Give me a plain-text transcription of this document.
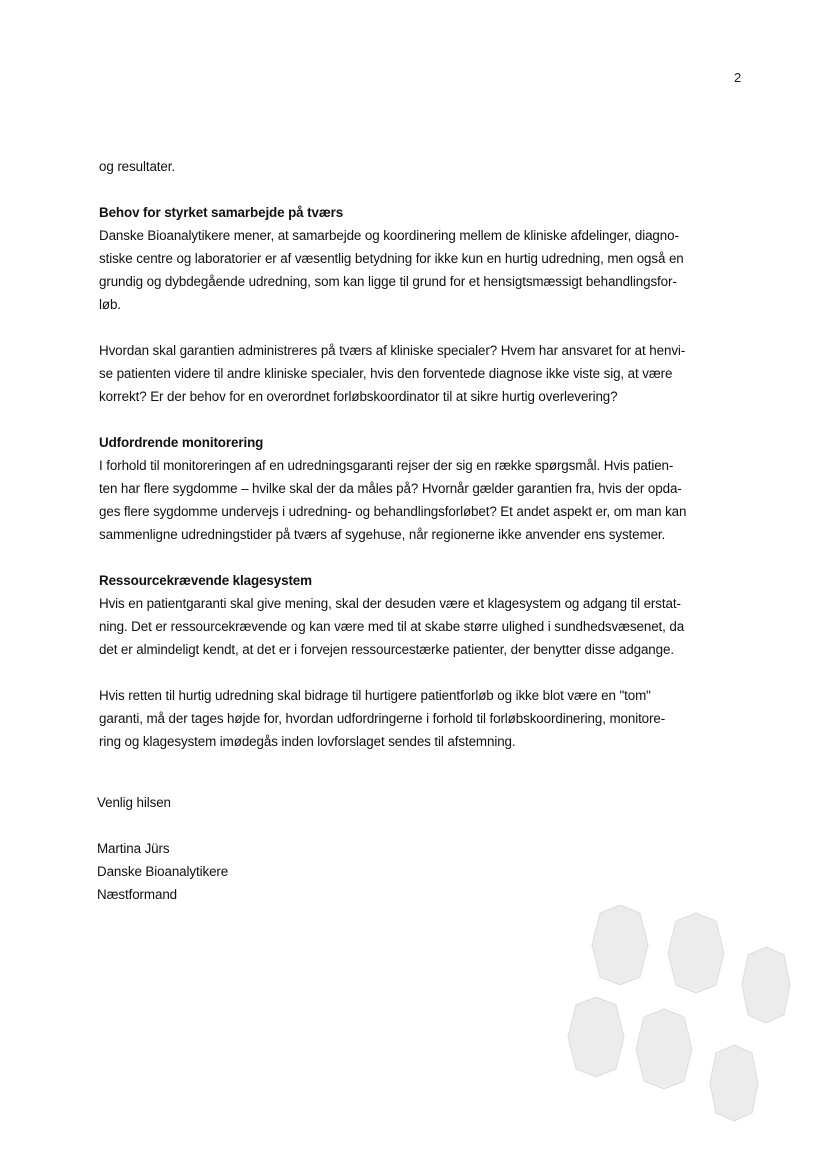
2
og resultater.
Behov for styrket samarbejde på tværs
Danske Bioanalytikere mener, at samarbejde og koordinering mellem de kliniske afdelinger, diagno-
stiske centre og laboratorier er af væsentlig betydning for ikke kun en hurtig udredning, men også en
grundig og dybdegående udredning, som kan ligge til grund for et hensigtsmæssigt behandlingsfor-
løb.
Hvordan skal garantien administreres på tværs af kliniske specialer? Hvem har ansvaret for at henvi-
se patienten videre til andre kliniske specialer, hvis den forventede diagnose ikke viste sig, at være
korrekt? Er der behov for en overordnet forløbskoordinator til at sikre hurtig overlevering?
Udfordrende monitorering
I forhold til monitoreringen af en udredningsgaranti rejser der sig en række spørgsmål. Hvis patien-
ten har flere sygdomme – hvilke skal der da måles på? Hvornår gælder garantien fra, hvis der opda-
ges flere sygdomme undervejs i udredning- og behandlingsforløbet? Et andet aspekt er, om man kan
sammenligne udredningstider på tværs af sygehuse, når regionerne ikke anvender ens systemer.
Ressourcekrævende klagesystem
Hvis en patientgaranti skal give mening, skal der desuden være et klagesystem og adgang til erstat-
ning. Det er ressourcekrævende og kan være med til at skabe større ulighed i sundhedsvæsenet, da
det er almindeligt kendt, at det er i forvejen ressourcestærke patienter, der benytter disse adgange.
Hvis retten til hurtig udredning skal bidrage til hurtigere patientforløb og ikke blot være en "tom"
garanti, må der tages højde for, hvordan udfordringerne i forhold til forløbskoordinering, monitore-
ring og klagesystem imødegås inden lovforslaget sendes til afstemning.
Venlig hilsen
Martina Jürs
Danske Bioanalytikere
Næstformand
